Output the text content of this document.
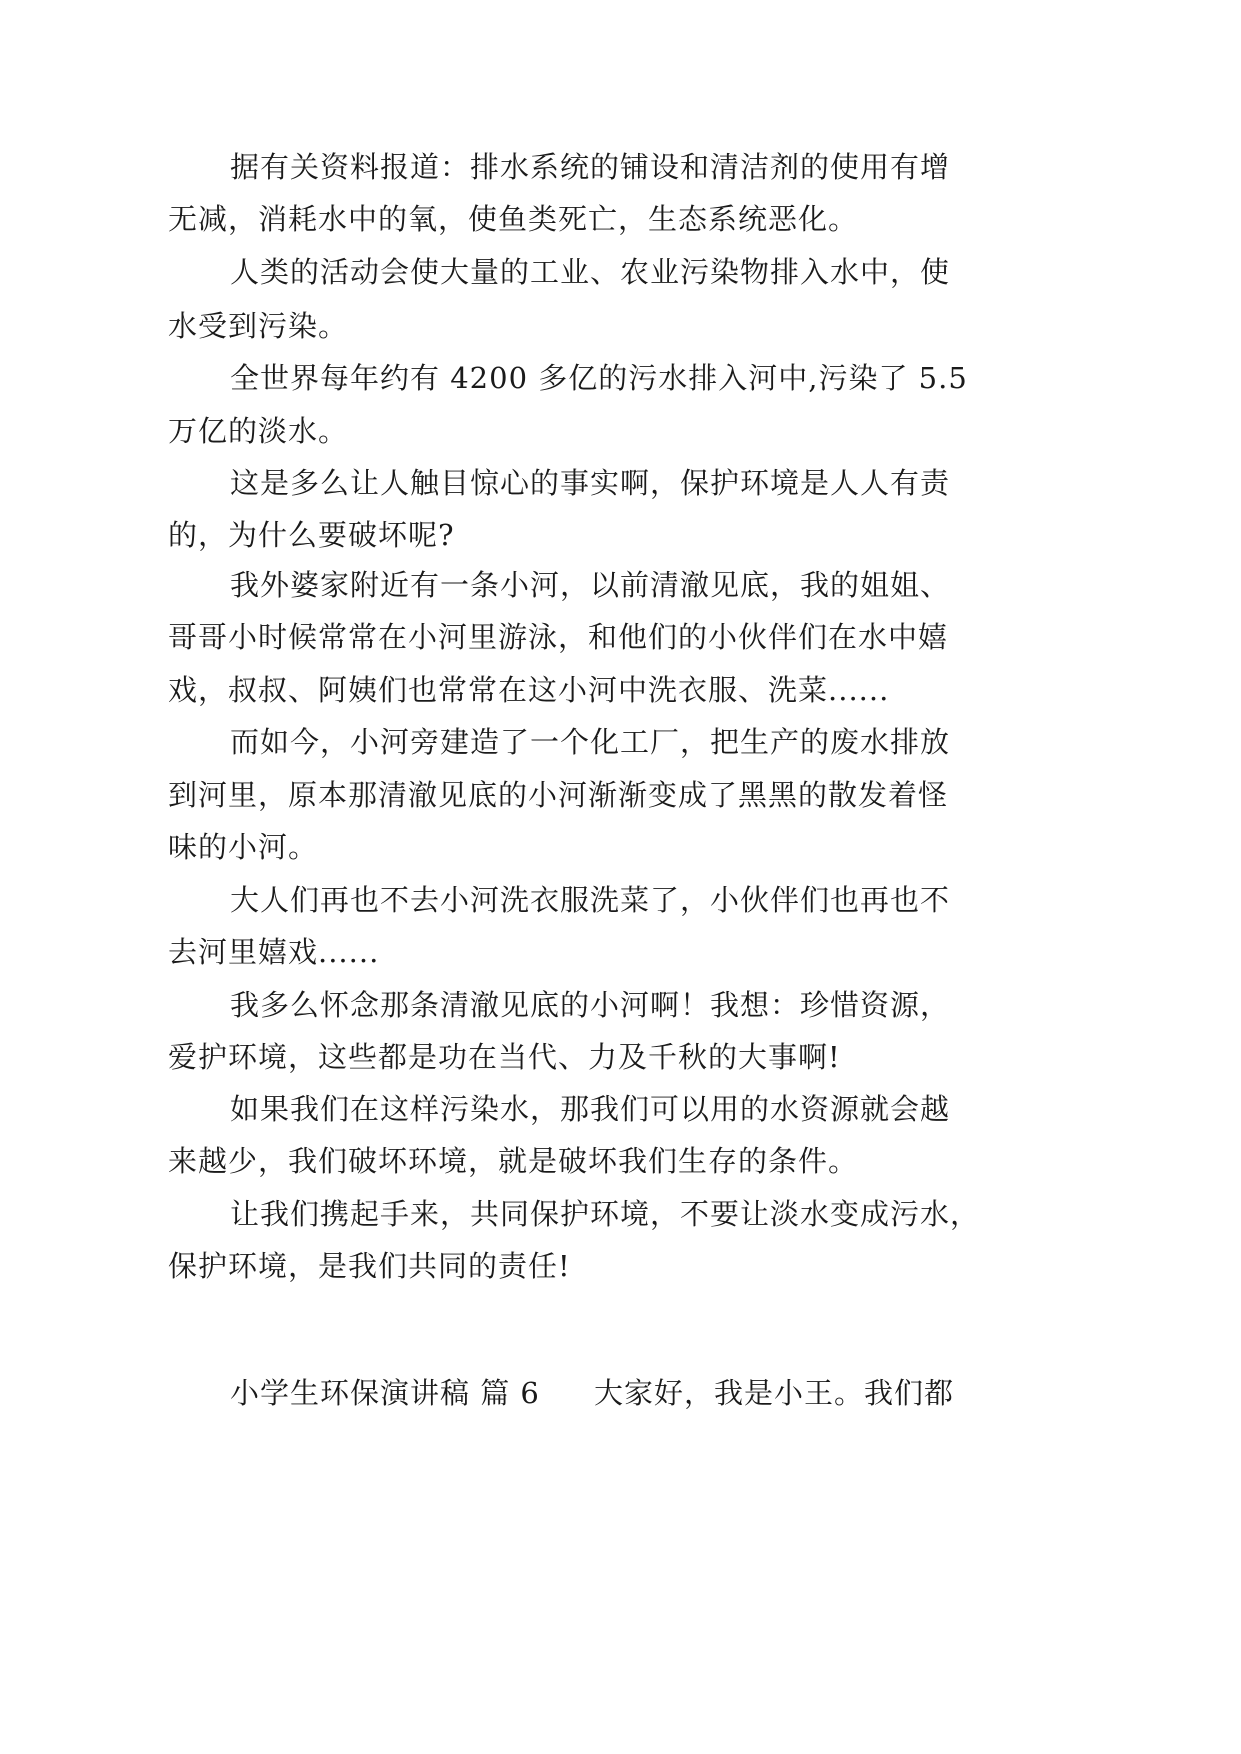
据有关资料报道：排水系统的铺设和清洁剂的使用有增
无减，消耗水中的氧，使鱼类死亡，生态系统恶化。
人类的活动会使大量的工业、农业污染物排入水中，使
水受到污染。
全世界每年约有 4200 多亿的污水排入河中,污染了 5.5
万亿的淡水。
这是多么让人触目惊心的事实啊，保护环境是人人有责
的，为什么要破坏呢?
我外婆家附近有一条小河，以前清澈见底，我的姐姐、
哥哥小时候常常在小河里游泳，和他们的小伙伴们在水中嬉
戏，叔叔、阿姨们也常常在这小河中洗衣服、洗菜......
而如今，小河旁建造了一个化工厂，把生产的废水排放
到河里，原本那清澈见底的小河渐渐变成了黑黑的散发着怪
味的小河。
大人们再也不去小河洗衣服洗菜了，小伙伴们也再也不
去河里嬉戏......
我多么怀念那条清澈见底的小河啊！我想：珍惜资源，
爱护环境，这些都是功在当代、力及千秋的大事啊!
如果我们在这样污染水，那我们可以用的水资源就会越
来越少，我们破坏环境，就是破坏我们生存的条件。
让我们携起手来，共同保护环境，不要让淡水变成污水，
保护环境，是我们共同的责任!

小学生环保演讲稿 篇 6

大家好，我是小王。我们都
